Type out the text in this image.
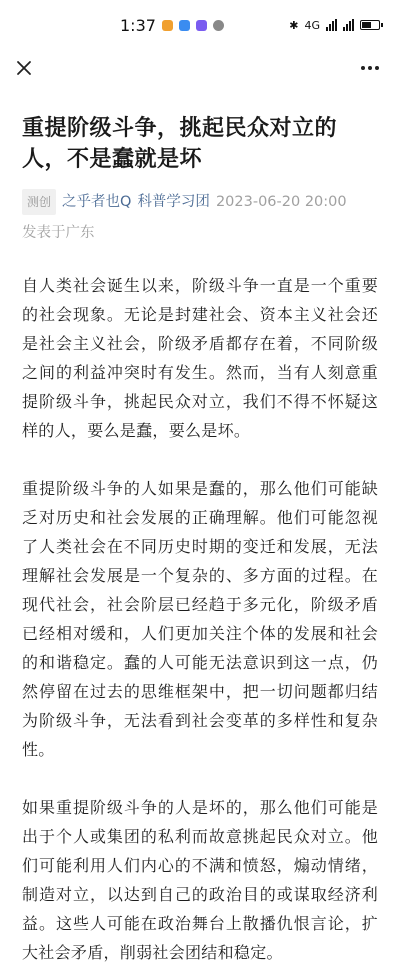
1:37	✱ 4G
重提阶级斗争，挑起民众对立的人，不是蠢就是坏
测创 之乎者也Q 科普学习团 2023-06-20 20:00
发表于广东

自人类社会诞生以来，阶级斗争一直是一个重要的社会现象。无论是封建社会、资本主义社会还是社会主义社会，阶级矛盾都存在着，不同阶级之间的利益冲突时有发生。然而，当有人刻意重提阶级斗争，挑起民众对立，我们不得不怀疑这样的人，要么是蠢，要么是坏。

重提阶级斗争的人如果是蠢的，那么他们可能缺乏对历史和社会发展的正确理解。他们可能忽视了人类社会在不同历史时期的变迁和发展，无法理解社会发展是一个复杂的、多方面的过程。在现代社会，社会阶层已经趋于多元化，阶级矛盾已经相对缓和，人们更加关注个体的发展和社会的和谐稳定。蠢的人可能无法意识到这一点，仍然停留在过去的思维框架中，把一切问题都归结为阶级斗争，无法看到社会变革的多样性和复杂性。

如果重提阶级斗争的人是坏的，那么他们可能是出于个人或集团的私利而故意挑起民众对立。他们可能利用人们内心的不满和愤怒，煽动情绪，制造对立，以达到自己的政治目的或谋取经济利益。这些人可能在政治舞台上散播仇恨言论，扩大社会矛盾，削弱社会团结和稳定。
